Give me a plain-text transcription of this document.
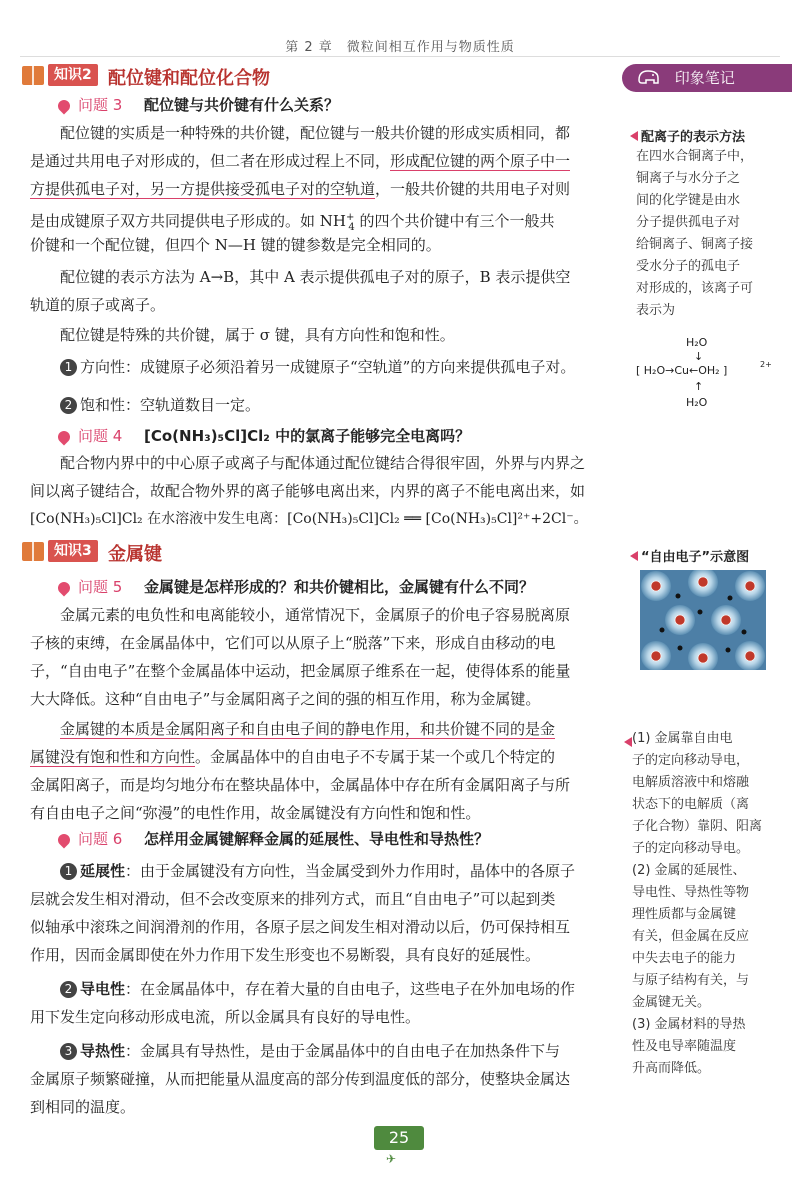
第 2 章　微粒间相互作用与物质性质
印象笔记
知识2 配位键和配位化合物
问题 3 配位键与共价键有什么关系？
配位键的实质是一种特殊的共价键，配位键与一般共价键的形成实质相同，都
是通过共用电子对形成的，但二者在形成过程上不同，形成配位键的两个原子中一
方提供孤电子对，另一方提供接受孤电子对的空轨道，一般共价键的共用电子对则
是由成键原子双方共同提供电子形成的。如 $NH^+_4$ 的四个共价键中有三个一般共
价键和一个配位键，但四个 N—H 键的键参数是完全相同的。
配位键的表示方法为 A→B，其中 A 表示提供孤电子对的原子，B 表示提供空
轨道的原子或离子。
配位键是特殊的共价键，属于 σ 键，具有方向性和饱和性。
1 方向性：成键原子必须沿着另一成键原子“空轨道”的方向来提供孤电子对。
2 饱和性：空轨道数目一定。
问题 4 [Co(NH₃)₅Cl]Cl₂ 中的氯离子能够完全电离吗？
配合物内界中的中心原子或离子与配体通过配位键结合得很牢固，外界与内界之
间以离子键结合，故配合物外界的离子能够电离出来，内界的离子不能电离出来，如
[Co(NH₃)₅Cl]Cl₂ 在水溶液中发生电离：[Co(NH₃)₅Cl]Cl₂ ══ [Co(NH₃)₅Cl]²⁺+2Cl⁻。
知识3 金属键
问题 5 金属键是怎样形成的？和共价键相比，金属键有什么不同？
金属元素的电负性和电离能较小，通常情况下，金属原子的价电子容易脱离原
子核的束缚，在金属晶体中，它们可以从原子上“脱落”下来，形成自由移动的电
子，“自由电子”在整个金属晶体中运动，把金属原子维系在一起，使得体系的能量
大大降低。这种“自由电子”与金属阳离子之间的强的相互作用，称为金属键。
金属键的本质是金属阳离子和自由电子间的静电作用，和共价键不同的是金
属键没有饱和性和方向性。金属晶体中的自由电子不专属于某一个或几个特定的
金属阳离子，而是均匀地分布在整块晶体中，金属晶体中存在所有金属阳离子与所
有自由电子之间“弥漫”的电性作用，故金属键没有方向性和饱和性。
问题 6 怎样用金属键解释金属的延展性、导电性和导热性？
1 延展性：由于金属键没有方向性，当金属受到外力作用时，晶体中的各原子
层就会发生相对滑动，但不会改变原来的排列方式，而且“自由电子”可以起到类
似轴承中滚珠之间润滑剂的作用，各原子层之间发生相对滑动以后，仍可保持相互
作用，因而金属即使在外力作用下发生形变也不易断裂，具有良好的延展性。
2 导电性：在金属晶体中，存在着大量的自由电子，这些电子在外加电场的作
用下发生定向移动形成电流，所以金属具有良好的导电性。
3 导热性：金属具有导热性，是由于金属晶体中的自由电子在加热条件下与
金属原子频繁碰撞，从而把能量从温度高的部分传到温度低的部分，使整块金属达
到相同的温度。
配离子的表示方法
在四水合铜离子中，
铜离子与水分子之
间的化学键是由水
分子提供孤电子对
给铜离子、铜离子接
受水分子的孤电子
对形成的，该离子可
表示为
H₂O
↓
[ H₂O→Cu←OH₂ ]	2+
↑
H₂O
“自由电子”示意图
(1) 金属靠自由电
子的定向移动导电，
电解质溶液中和熔融
状态下的电解质（离
子化合物）靠阴、阳离
子的定向移动导电。
(2) 金属的延展性、
导电性、导热性等物
理性质都与金属键
有关，但金属在反应
中失去电子的能力
与原子结构有关，与
金属键无关。
(3) 金属材料的导热
性及电导率随温度
升高而降低。
25
✈
